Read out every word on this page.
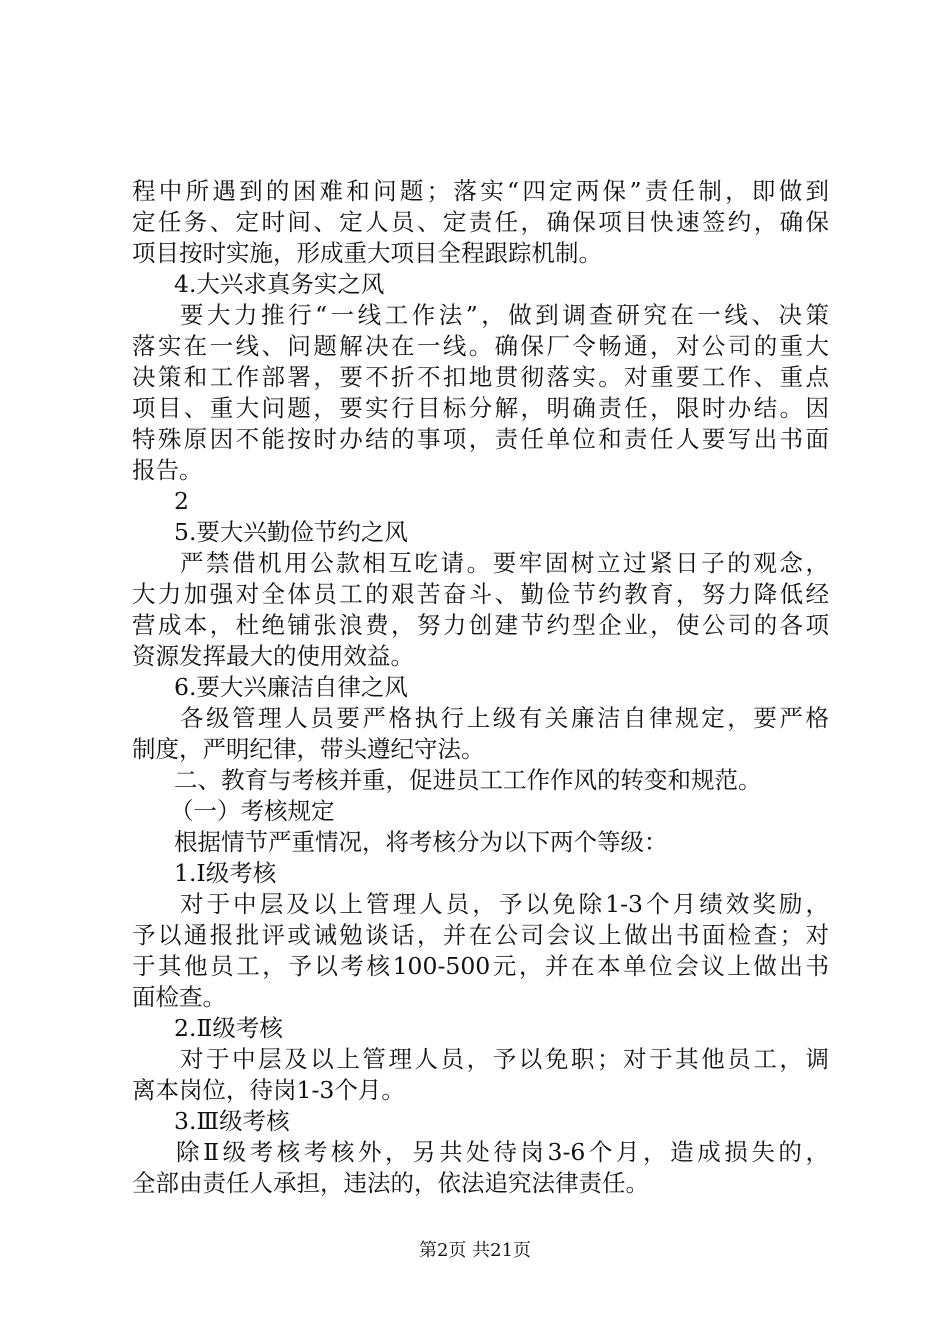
程中所遇到的困难和问题；落实“四定两保”责任制，即做到
定任务、定时间、定人员、定责任，确保项目快速签约，确保
项目按时实施，形成重大项目全程跟踪机制。
4.大兴求真务实之风
要大力推行“一线工作法”，做到调查研究在一线、决策
落实在一线、问题解决在一线。确保厂令畅通，对公司的重大
决策和工作部署，要不折不扣地贯彻落实。对重要工作、重点
项目、重大问题，要实行目标分解，明确责任，限时办结。因
特殊原因不能按时办结的事项，责任单位和责任人要写出书面
报告。
2
5.要大兴勤俭节约之风
严禁借机用公款相互吃请。要牢固树立过紧日子的观念，
大力加强对全体员工的艰苦奋斗、勤俭节约教育，努力降低经
营成本，杜绝铺张浪费，努力创建节约型企业，使公司的各项
资源发挥最大的使用效益。
6.要大兴廉洁自律之风
各级管理人员要严格执行上级有关廉洁自律规定，要严格
制度，严明纪律，带头遵纪守法。
二、教育与考核并重，促进员工工作作风的转变和规范。
（一）考核规定
根据情节严重情况，将考核分为以下两个等级：
1.Ⅰ级考核
对于中层及以上管理人员，予以免除1-3个月绩效奖励，
予以通报批评或诫勉谈话，并在公司会议上做出书面检查；对
于其他员工，予以考核100-500元，并在本单位会议上做出书
面检查。
2.Ⅱ级考核
对于中层及以上管理人员，予以免职；对于其他员工，调
离本岗位，待岗1-3个月。
3.Ⅲ级考核
除Ⅱ级考核考核外，另共处待岗3-6个月，造成损失的，
全部由责任人承担，违法的，依法追究法律责任。
第2页 共21页
